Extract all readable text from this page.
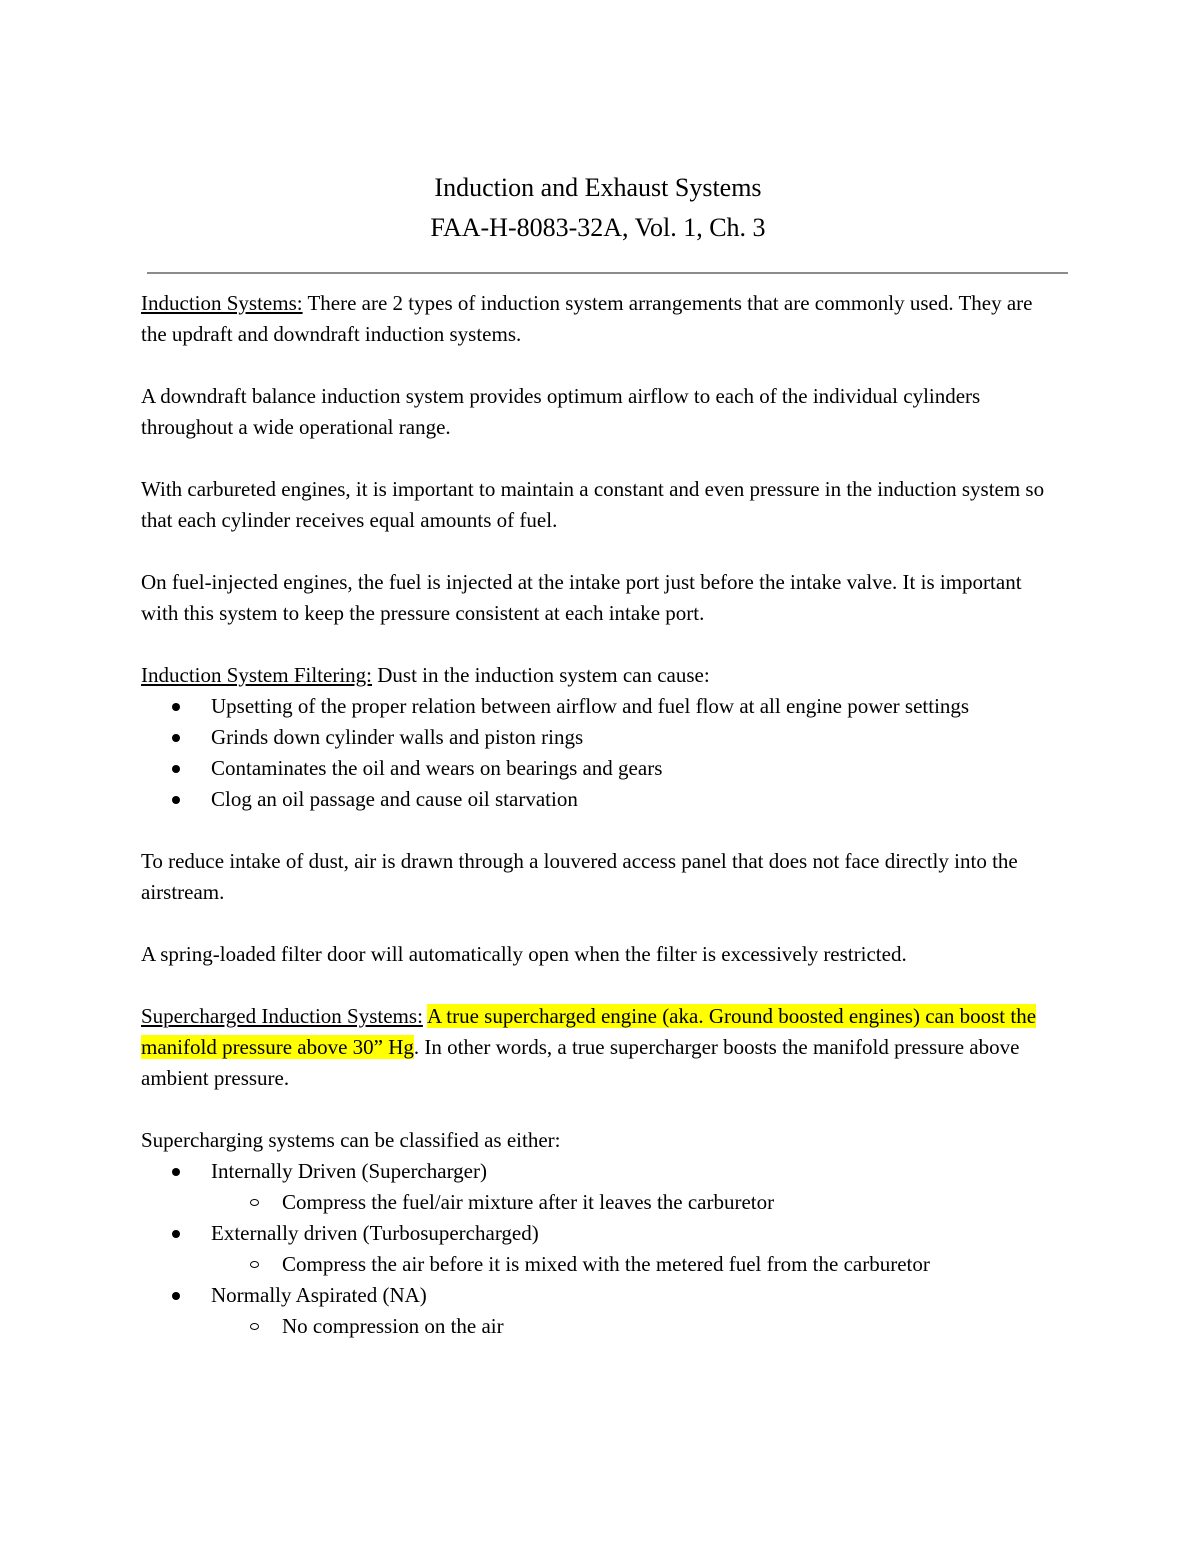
Induction and Exhaust Systems
FAA-H-8083-32A, Vol. 1, Ch. 3

Induction Systems: There are 2 types of induction system arrangements that are commonly used. They are the updraft and downdraft induction systems.

A downdraft balance induction system provides optimum airflow to each of the individual cylinders throughout a wide operational range.

With carbureted engines, it is important to maintain a constant and even pressure in the induction system so that each cylinder receives equal amounts of fuel.

On fuel-injected engines, the fuel is injected at the intake port just before the intake valve. It is important with this system to keep the pressure consistent at each intake port.

Induction System Filtering: Dust in the induction system can cause:

Upsetting of the proper relation between airflow and fuel flow at all engine power settings
Grinds down cylinder walls and piston rings
Contaminates the oil and wears on bearings and gears
Clog an oil passage and cause oil starvation

To reduce intake of dust, air is drawn through a louvered access panel that does not face directly into the airstream.

A spring-loaded filter door will automatically open when the filter is excessively restricted.

Supercharged Induction Systems: A true supercharged engine (aka. Ground boosted engines) can boost the manifold pressure above 30” Hg. In other words, a true supercharger boosts the manifold pressure above ambient pressure.

Supercharging systems can be classified as either:

Internally Driven (Supercharger)
Compress the fuel/air mixture after it leaves the carburetor
Externally driven (Turbosupercharged)
Compress the air before it is mixed with the metered fuel from the carburetor
Normally Aspirated (NA)
No compression on the air
